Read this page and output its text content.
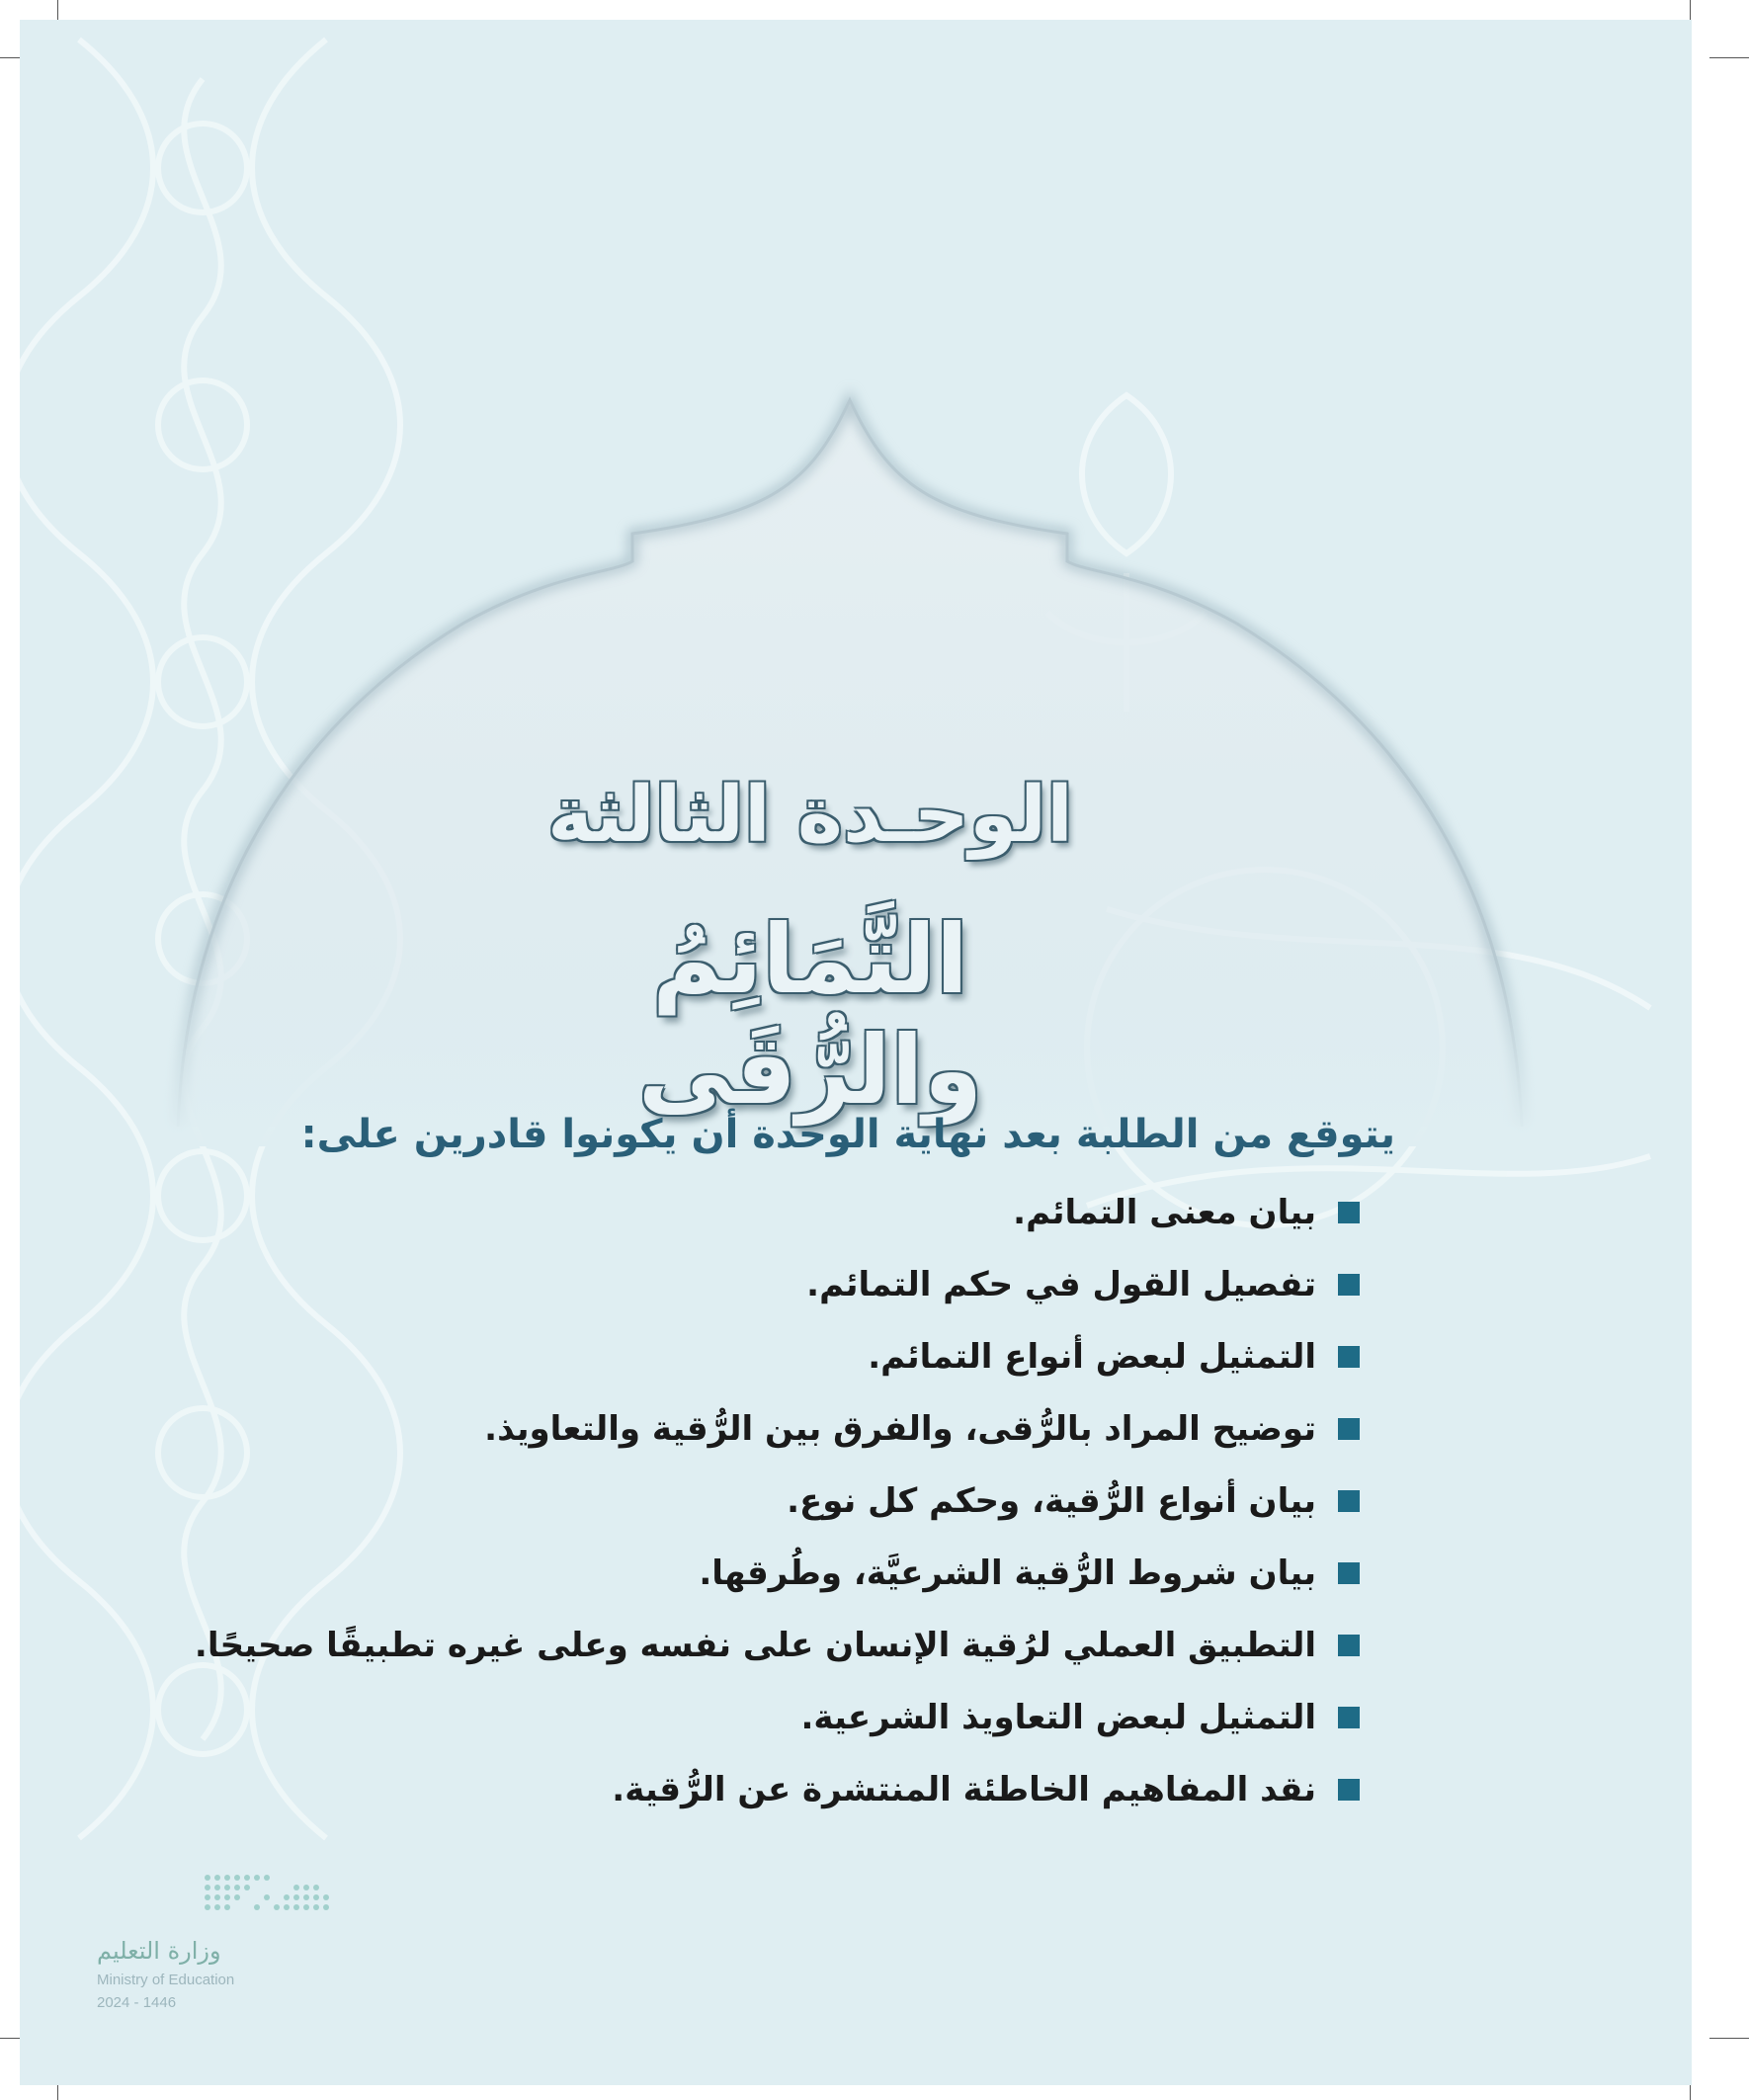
الوحـدة الثالثة
التَّمَائِمُ والرُّقَى
يتوقع من الطلبة بعد نهاية الوحدة أن يكونوا قادرين على:
بيان معنى التمائم.
تفصيل القول في حكم التمائم.
التمثيل لبعض أنواع التمائم.
توضيح المراد بالرُّقى، والفرق بين الرُّقية والتعاويذ.
بيان أنواع الرُّقية، وحكم كل نوع.
بيان شروط الرُّقية الشرعيَّة، وطُرقها.
التطبيق العملي لرُقية الإنسان على نفسه وعلى غيره تطبيقًا صحيحًا.
التمثيل لبعض التعاويذ الشرعية.
نقد المفاهيم الخاطئة المنتشرة عن الرُّقية.
وزارة التعليم
Ministry of Education
2024 - 1446
